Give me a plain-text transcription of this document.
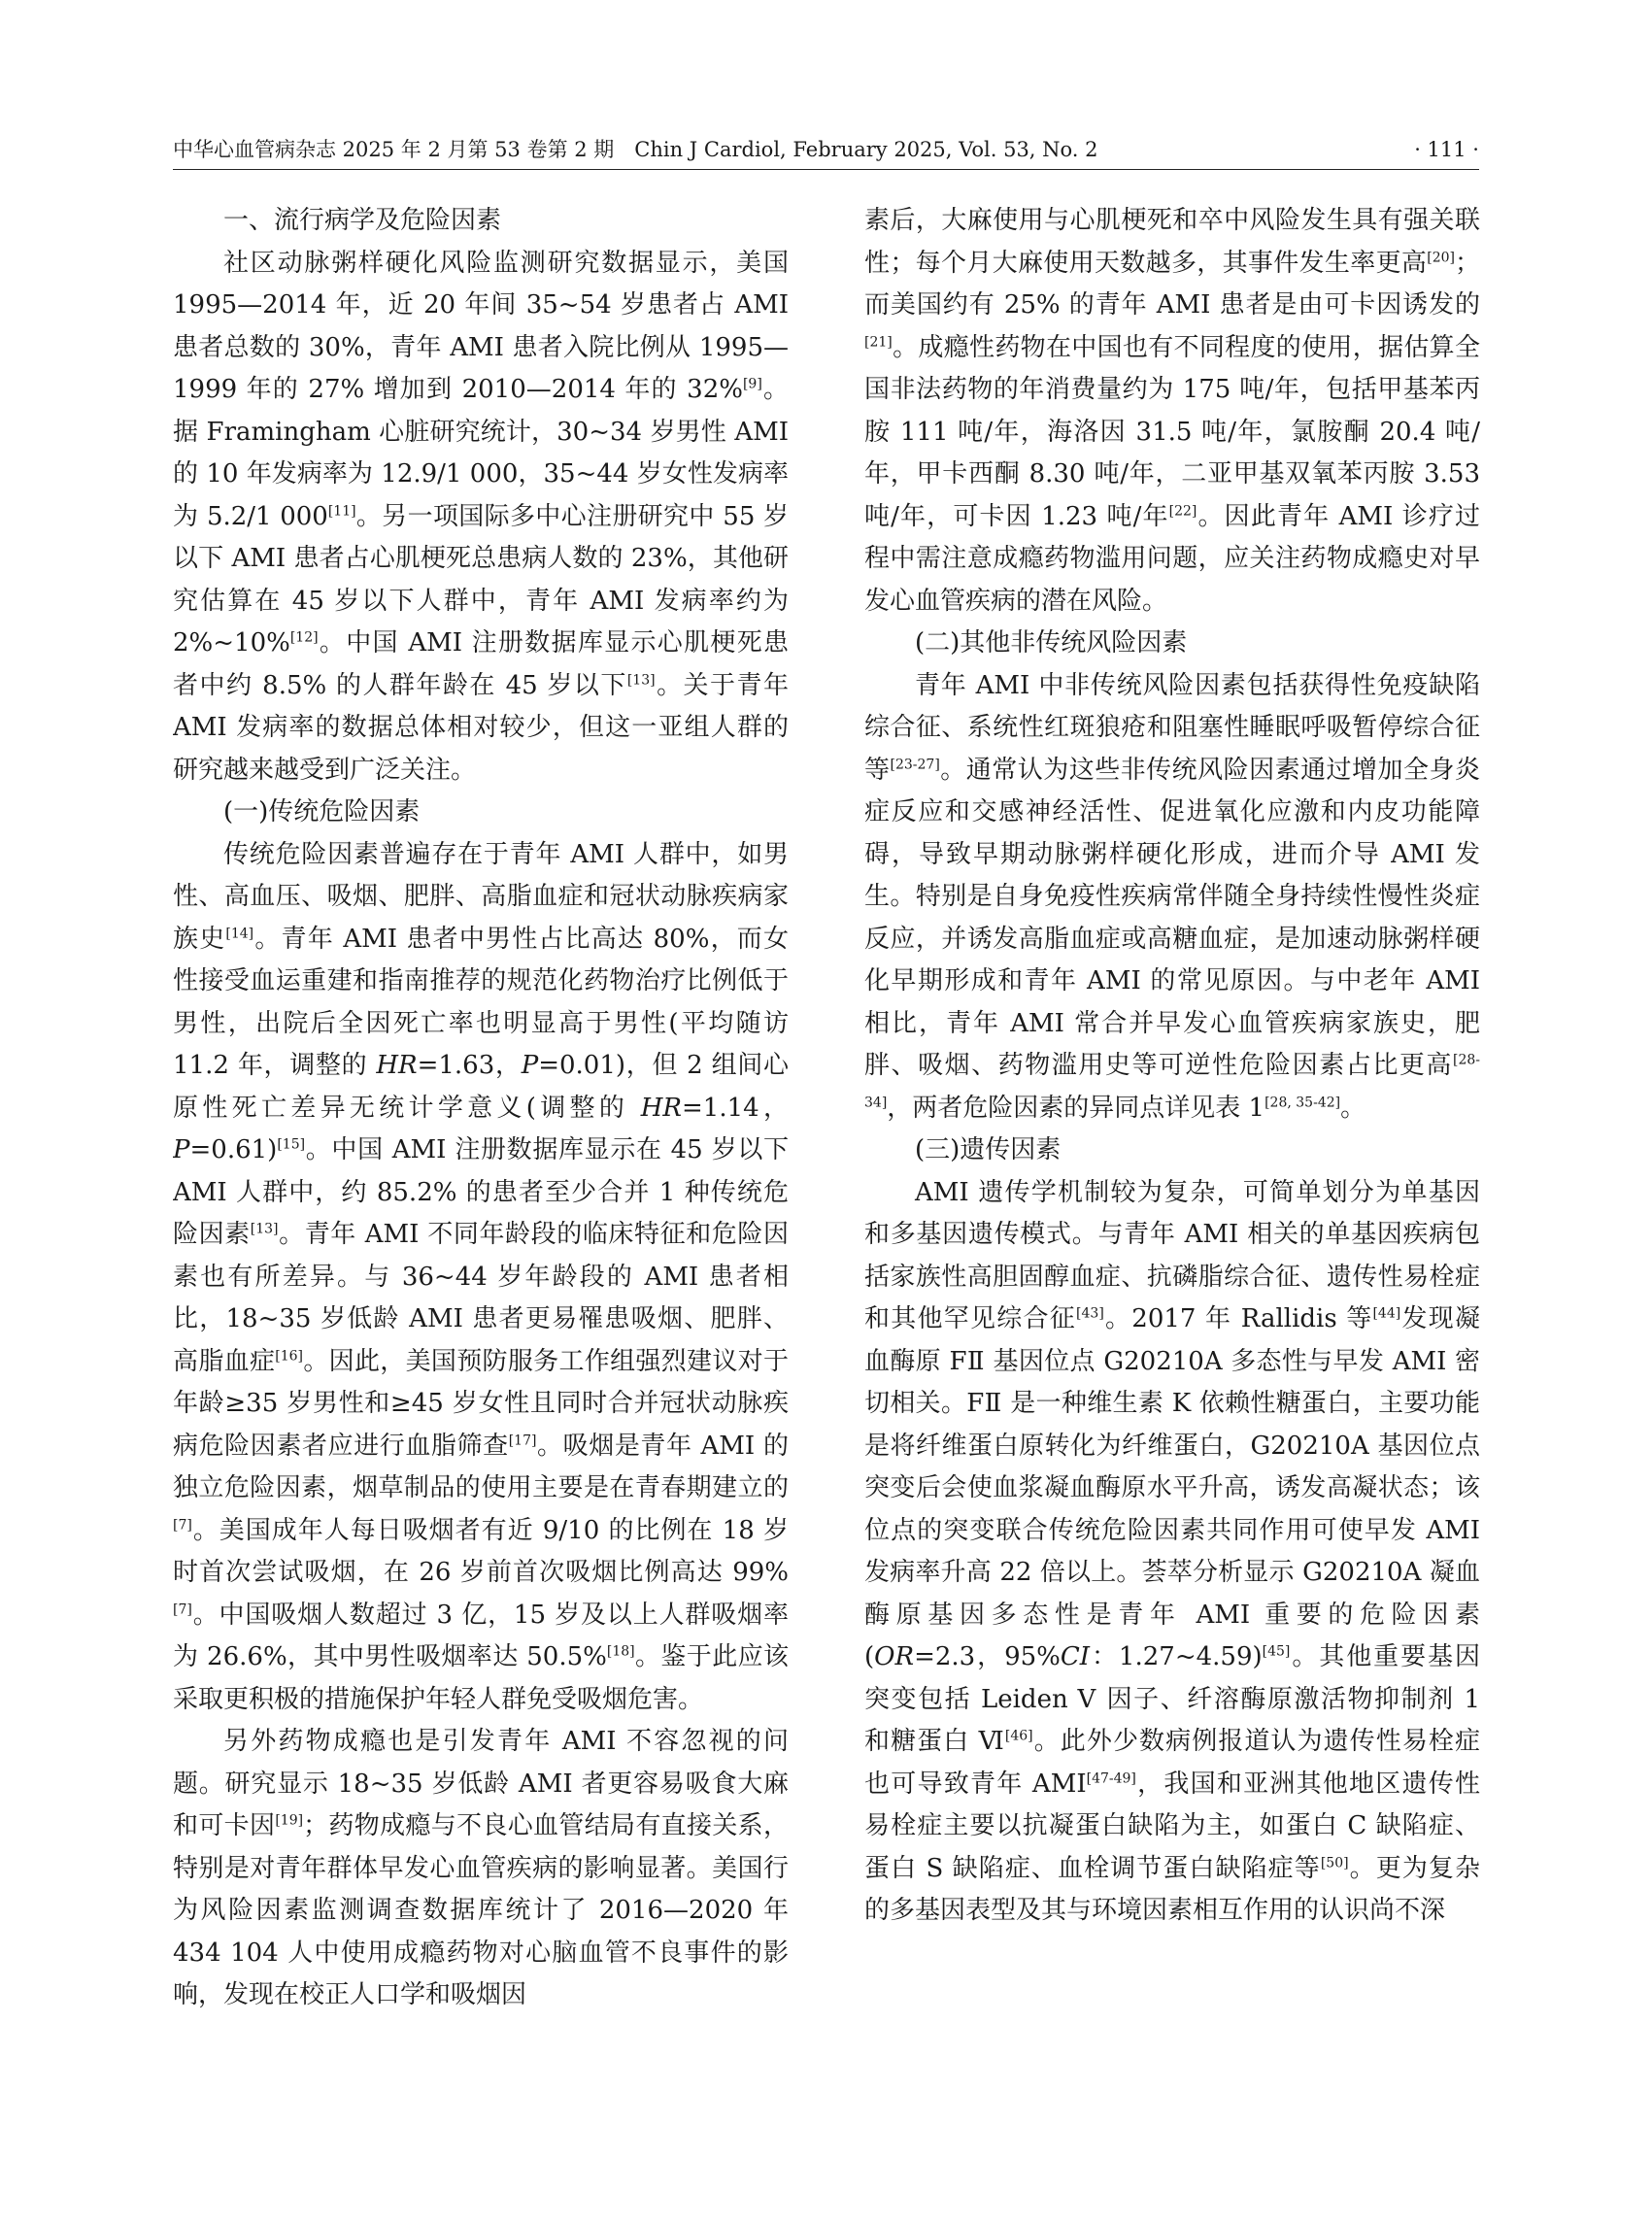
中华心血管病杂志 2025 年 2 月第 53 卷第 2 期　Chin J Cardiol, February 2025, Vol. 53, No. 2	· 111 ·
一、流行病学及危险因素

社区动脉粥样硬化风险监测研究数据显示，美国 1995—2014 年，近 20 年间 35~54 岁患者占 AMI 患者总数的 30%，青年 AMI 患者入院比例从 1995—1999 年的 27% 增加到 2010—2014 年的 32%[9]。据 Framingham 心脏研究统计，30~34 岁男性 AMI 的 10 年发病率为 12.9/1 000，35~44 岁女性发病率为 5.2/1 000[11]。另一项国际多中心注册研究中 55 岁以下 AMI 患者占心肌梗死总患病人数的 23%，其他研究估算在 45 岁以下人群中，青年 AMI 发病率约为 2%~10%[12]。中国 AMI 注册数据库显示心肌梗死患者中约 8.5% 的人群年龄在 45 岁以下[13]。关于青年 AMI 发病率的数据总体相对较少，但这一亚组人群的研究越来越受到广泛关注。

(一)传统危险因素

传统危险因素普遍存在于青年 AMI 人群中，如男性、高血压、吸烟、肥胖、高脂血症和冠状动脉疾病家族史[14]。青年 AMI 患者中男性占比高达 80%，而女性接受血运重建和指南推荐的规范化药物治疗比例低于男性，出院后全因死亡率也明显高于男性(平均随访 11.2 年，调整的 HR=1.63，P=0.01)，但 2 组间心原性死亡差异无统计学意义(调整的 HR=1.14，P=0.61)[15]。中国 AMI 注册数据库显示在 45 岁以下 AMI 人群中，约 85.2% 的患者至少合并 1 种传统危险因素[13]。青年 AMI 不同年龄段的临床特征和危险因素也有所差异。与 36~44 岁年龄段的 AMI 患者相比，18~35 岁低龄 AMI 患者更易罹患吸烟、肥胖、高脂血症[16]。因此，美国预防服务工作组强烈建议对于年龄≥35 岁男性和≥45 岁女性且同时合并冠状动脉疾病危险因素者应进行血脂筛查[17]。吸烟是青年 AMI 的独立危险因素，烟草制品的使用主要是在青春期建立的[7]。美国成年人每日吸烟者有近 9/10 的比例在 18 岁时首次尝试吸烟，在 26 岁前首次吸烟比例高达 99%[7]。中国吸烟人数超过 3 亿，15 岁及以上人群吸烟率为 26.6%，其中男性吸烟率达 50.5%[18]。鉴于此应该采取更积极的措施保护年轻人群免受吸烟危害。

另外药物成瘾也是引发青年 AMI 不容忽视的问题。研究显示 18~35 岁低龄 AMI 者更容易吸食大麻和可卡因[19]；药物成瘾与不良心血管结局有直接关系，特别是对青年群体早发心血管疾病的影响显著。美国行为风险因素监测调查数据库统计了 2016—2020 年 434 104 人中使用成瘾药物对心脑血管不良事件的影响，发现在校正人口学和吸烟因

素后，大麻使用与心肌梗死和卒中风险发生具有强关联性；每个月大麻使用天数越多，其事件发生率更高[20]；而美国约有 25% 的青年 AMI 患者是由可卡因诱发的[21]。成瘾性药物在中国也有不同程度的使用，据估算全国非法药物的年消费量约为 175 吨/年，包括甲基苯丙胺 111 吨/年，海洛因 31.5 吨/年，氯胺酮 20.4 吨/年，甲卡西酮 8.30 吨/年，二亚甲基双氧苯丙胺 3.53 吨/年，可卡因 1.23 吨/年[22]。因此青年 AMI 诊疗过程中需注意成瘾药物滥用问题，应关注药物成瘾史对早发心血管疾病的潜在风险。

(二)其他非传统风险因素

青年 AMI 中非传统风险因素包括获得性免疫缺陷综合征、系统性红斑狼疮和阻塞性睡眠呼吸暂停综合征等[23-27]。通常认为这些非传统风险因素通过增加全身炎症反应和交感神经活性、促进氧化应激和内皮功能障碍，导致早期动脉粥样硬化形成，进而介导 AMI 发生。特别是自身免疫性疾病常伴随全身持续性慢性炎症反应，并诱发高脂血症或高糖血症，是加速动脉粥样硬化早期形成和青年 AMI 的常见原因。与中老年 AMI 相比，青年 AMI 常合并早发心血管疾病家族史，肥胖、吸烟、药物滥用史等可逆性危险因素占比更高[28-34]，两者危险因素的异同点详见表 1[28, 35-42]。

(三)遗传因素

AMI 遗传学机制较为复杂，可简单划分为单基因和多基因遗传模式。与青年 AMI 相关的单基因疾病包括家族性高胆固醇血症、抗磷脂综合征、遗传性易栓症和其他罕见综合征[43]。2017 年 Rallidis 等[44]发现凝血酶原 FⅡ 基因位点 G20210A 多态性与早发 AMI 密切相关。FⅡ 是一种维生素 K 依赖性糖蛋白，主要功能是将纤维蛋白原转化为纤维蛋白，G20210A 基因位点突变后会使血浆凝血酶原水平升高，诱发高凝状态；该位点的突变联合传统危险因素共同作用可使早发 AMI 发病率升高 22 倍以上。荟萃分析显示 G20210A 凝血酶原基因多态性是青年 AMI 重要的危险因素(OR=2.3，95%CI：1.27~4.59)[45]。其他重要基因突变包括 Leiden Ⅴ 因子、纤溶酶原激活物抑制剂 1 和糖蛋白 Ⅵ[46]。此外少数病例报道认为遗传性易栓症也可导致青年 AMI[47-49]，我国和亚洲其他地区遗传性易栓症主要以抗凝蛋白缺陷为主，如蛋白 C 缺陷症、蛋白 S 缺陷症、血栓调节蛋白缺陷症等[50]。更为复杂的多基因表型及其与环境因素相互作用的认识尚不深
